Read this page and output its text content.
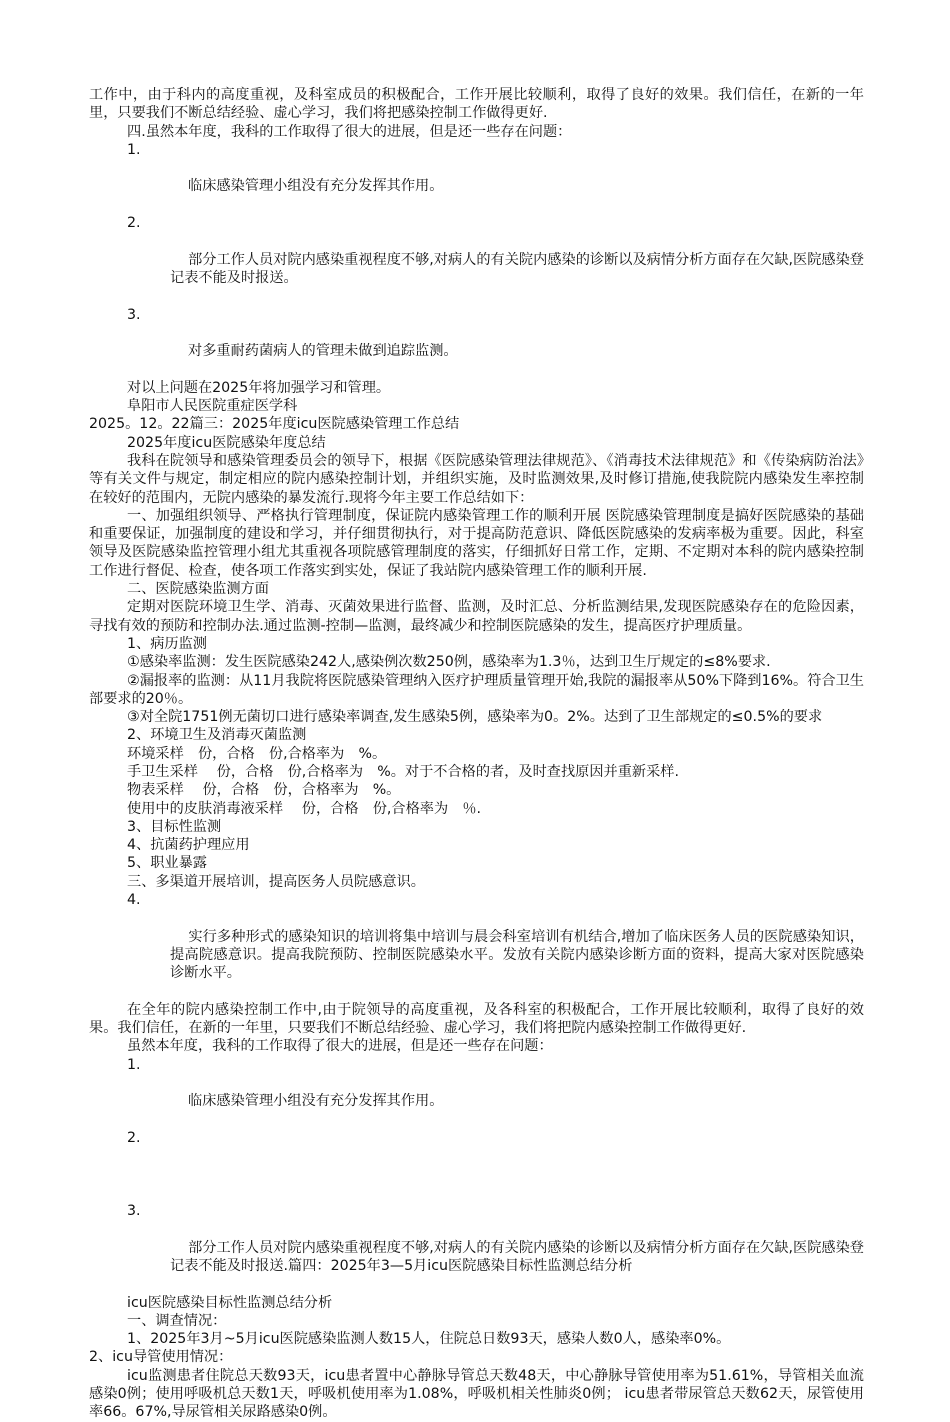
工作中，由于科内的高度重视，及科室成员的积极配合，工作开展比较顺利，取得了良好的效果。我们信任，在新的一年里，只要我们不断总结经验、虚心学习，我们将把感染控制工作做得更好.

四.虽然本年度，我科的工作取得了很大的进展，但是还一些存在问题：

1.

临床感染管理小组没有充分发挥其作用。

2.

部分工作人员对院内感染重视程度不够,对病人的有关院内感染的诊断以及病情分析方面存在欠缺,医院感染登记表不能及时报送。

3.

对多重耐药菌病人的管理未做到追踪监测。

对以上问题在2025年将加强学习和管理。

阜阳市人民医院重症医学科

2025。12。22篇三：2025年度icu医院感染管理工作总结

2025年度icu医院感染年度总结

我科在院领导和感染管理委员会的领导下，根据《医院感染管理法律规范》、《消毒技术法律规范》和《传染病防治法》等有关文件与规定，制定相应的院内感染控制计划，并组织实施，及时监测效果,及时修订措施,使我院院内感染发生率控制在较好的范围内，无院内感染的暴发流行.现将今年主要工作总结如下：

一、加强组织领导、严格执行管理制度，保证院内感染管理工作的顺利开展 医院感染管理制度是搞好医院感染的基础和重要保证，加强制度的建设和学习，并仔细贯彻执行，对于提高防范意识、降低医院感染的发病率极为重要。因此，科室领导及医院感染监控管理小组尤其重视各项院感管理制度的落实，仔细抓好日常工作，定期、不定期对本科的院内感染控制工作进行督促、检查，使各项工作落实到实处，保证了我站院内感染管理工作的顺利开展.

二、医院感染监测方面

定期对医院环境卫生学、消毒、灭菌效果进行监督、监测，及时汇总、分析监测结果,发现医院感染存在的危险因素，寻找有效的预防和控制办法.通过监测-控制—监测，最终减少和控制医院感染的发生，提高医疗护理质量。

1、病历监测

①感染率监测：发生医院感染242人,感染例次数250例，感染率为1.3％，达到卫生厅规定的≤8%要求.

②漏报率的监测：从11月我院将医院感染管理纳入医疗护理质量管理开始,我院的漏报率从50%下降到16%。符合卫生部要求的20％。

③对全院1751例无菌切口进行感染率调查,发生感染5例，感染率为0。2%。达到了卫生部规定的≤0.5%的要求

2、环境卫生及消毒灭菌监测

环境采样　份，合格　份,合格率为　%。

手卫生采样　 份，合格　份,合格率为　%。对于不合格的者，及时查找原因并重新采样.

物表采样　 份，合格　份，合格率为　%。

使用中的皮肤消毒液采样　 份，合格　份,合格率为　％.

3、目标性监测

4、抗菌药护理应用

5、职业暴露

三、多渠道开展培训，提高医务人员院感意识。

4.

实行多种形式的感染知识的培训将集中培训与晨会科室培训有机结合,增加了临床医务人员的医院感染知识，提高院感意识。提高我院预防、控制医院感染水平。发放有关院内感染诊断方面的资料，提高大家对医院感染诊断水平。

在全年的院内感染控制工作中,由于院领导的高度重视，及各科室的积极配合，工作开展比较顺利，取得了良好的效果。我们信任，在新的一年里，只要我们不断总结经验、虚心学习，我们将把院内感染控制工作做得更好.

虽然本年度，我科的工作取得了很大的进展，但是还一些存在问题：

1.

临床感染管理小组没有充分发挥其作用。

2.

3.

部分工作人员对院内感染重视程度不够,对病人的有关院内感染的诊断以及病情分析方面存在欠缺,医院感染登记表不能及时报送.篇四：2025年3—5月icu医院感染目标性监测总结分析

icu医院感染目标性监测总结分析

一、调查情况：

1、2025年3月~5月icu医院感染监测人数15人，住院总日数93天，感染人数0人，感染率0%。

2、icu导管使用情况：

icu监测患者住院总天数93天，icu患者置中心静脉导管总天数48天，中心静脉导管使用率为51.61%，导管相关血流感染0例；使用呼吸机总天数1天，呼吸机使用率为1.08%，呼吸机相关性肺炎0例； icu患者带尿管总天数62天，尿管使用率66。67%,导尿管相关尿路感染0例。
